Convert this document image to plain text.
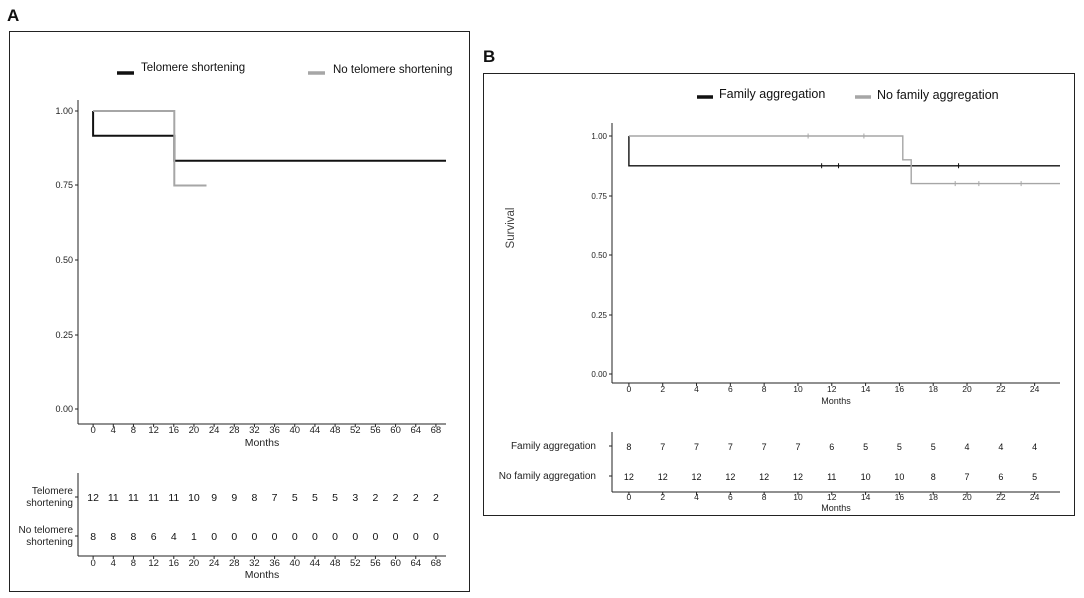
A
B
0.00
0.25
0.50
0.75
1.00
0 4 8 12 16 20 24 28 32 36 40 44 48 52 56 60 64 68
Months
Telomere shortening	No telomere shortening
Telomere shortening 12 11 11 11 11 10 9 9 8 7 5 5 5 3 2 2 2 2
No telomere shortening 8 8 8 6 4 1 0 0 0 0 0 0 0 0 0 0 0 0
0 4 8 12 16 20 24 28 32 36 40 44 48 52 56 60 64 68
Months
0.00
0.25
0.50
0.75
1.00
0	2	4	6	8	10	12	14	16	18	20	22	24
Months
Survival
Family aggregation	No family aggregation
Family aggregation	8	7	7	7	7	7	6	5	5	5	4	4	4
No family aggregation	12	12	12	12	12	12	11	10	10	8	7	6	5
0	2	4	6	8	10	12	14	16	18	20	22	24
Months
